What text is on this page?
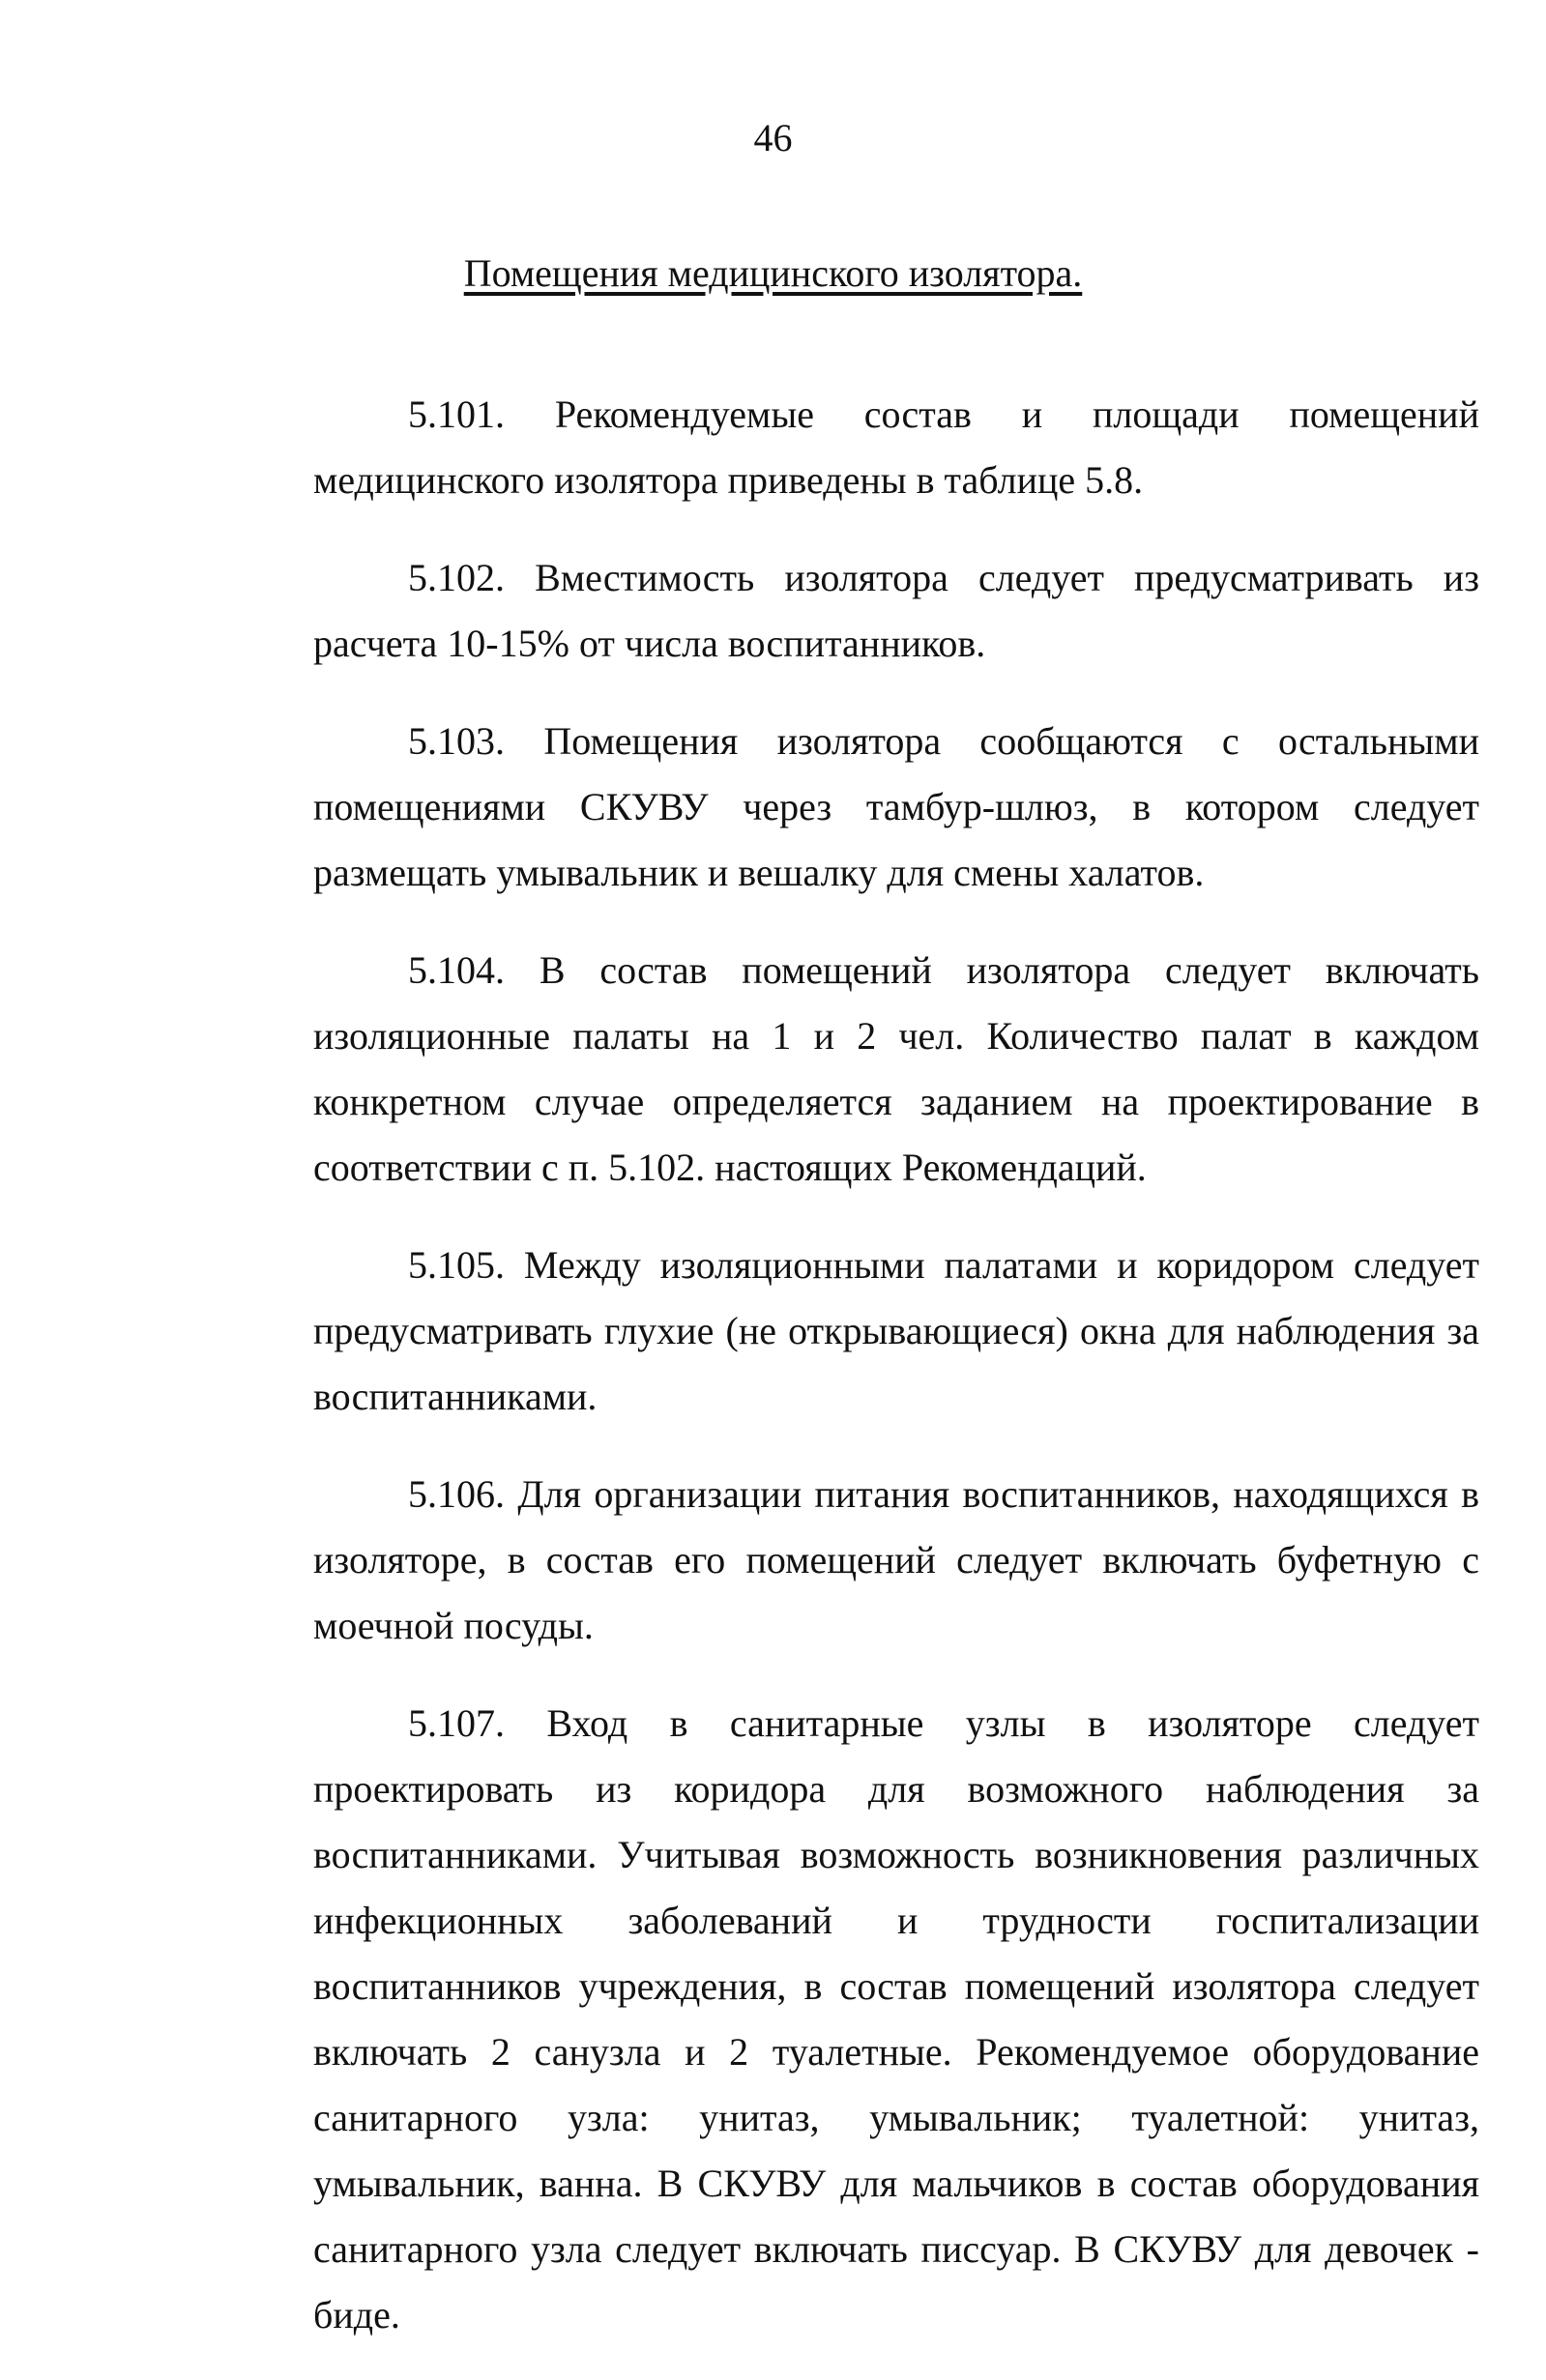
46
Помещения медицинского изолятора.

5.101. Рекомендуемые состав и площади помещений медицинского изолятора приведены в таблице 5.8.

5.102. Вместимость изолятора следует предусматривать из расчета 10-15% от числа воспитанников.

5.103. Помещения изолятора сообщаются с остальными помещениями СКУВУ через тамбур-шлюз, в котором следует размещать умывальник и вешалку для смены халатов.

5.104. В состав помещений изолятора следует включать изоляционные палаты на 1 и 2 чел. Количество палат в каждом конкретном случае определяется заданием на проектирование в соответствии с п. 5.102. настоящих Рекомендаций.

5.105. Между изоляционными палатами и коридором следует предусматривать глухие (не открывающиеся) окна для наблюдения за воспитанниками.

5.106. Для организации питания воспитанников, находящихся в изоляторе, в состав его помещений следует включать буфетную с моечной посуды.

5.107. Вход в санитарные узлы в изоляторе следует проектировать из коридора для возможного наблюдения за воспитанниками. Учитывая возможность возникновения различных инфекционных заболеваний и трудности госпитализации воспитанников учреждения, в состав помещений изолятора следует включать 2 санузла и 2 туалетные. Рекомендуемое оборудование санитарного узла: унитаз, умывальник; туалетной: унитаз, умывальник, ванна. В СКУВУ для мальчиков в состав оборудования санитарного узла следует включать писсуар. В СКУВУ для девочек - биде.
